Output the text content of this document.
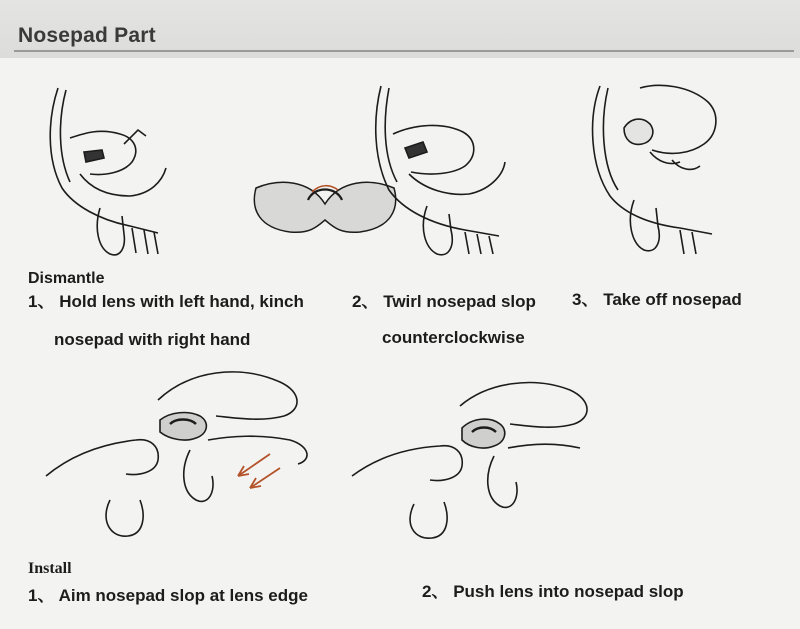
Nosepad Part
Dismantle
1、 Hold lens with left hand, kinch
nosepad with right hand
2、 Twirl nosepad slop
counterclockwise
3、 Take off nosepad
Install
1、 Aim nosepad slop at lens edge	2、 Push lens into nosepad slop
